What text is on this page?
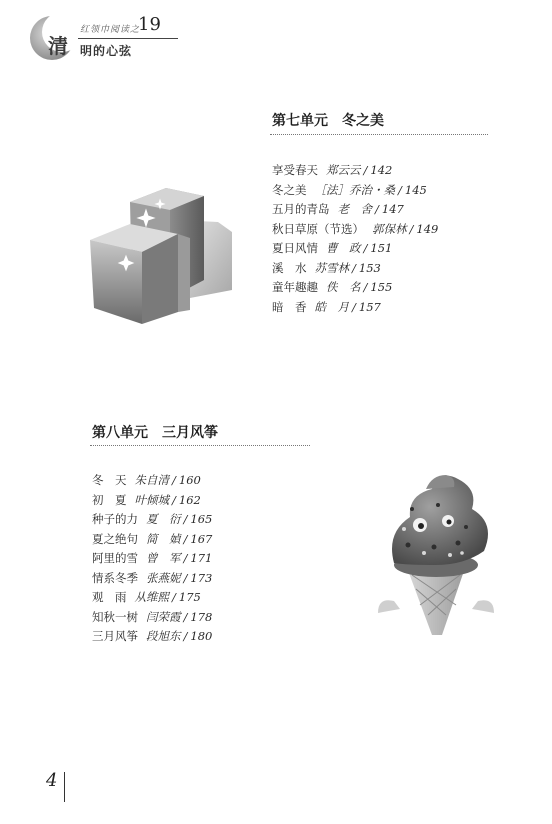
清
红领巾阅读之
19
明的心弦
第七单元　冬之美
享受春天 郑云云 / 142
冬之美 ［法］乔治・桑 / 145
五月的青岛 老　舍 / 147
秋日草原（节选） 郭保林 / 149
夏日风情 曹　政 / 151
溪　水 苏雪林 / 153
童年趣趣 佚　名 / 155
暗　香 皓　月 / 157
第八单元　三月风筝
冬　天 朱自清 / 160
初　夏 叶倾城 / 162
种子的力 夏　衍 / 165
夏之绝句 简　媜 / 167
阿里的雪 曾　军 / 171
情系冬季 张燕妮 / 173
观　雨 从维熙 / 175
知秋一树 闫荣霞 / 178
三月风筝 段旭东 / 180
4
